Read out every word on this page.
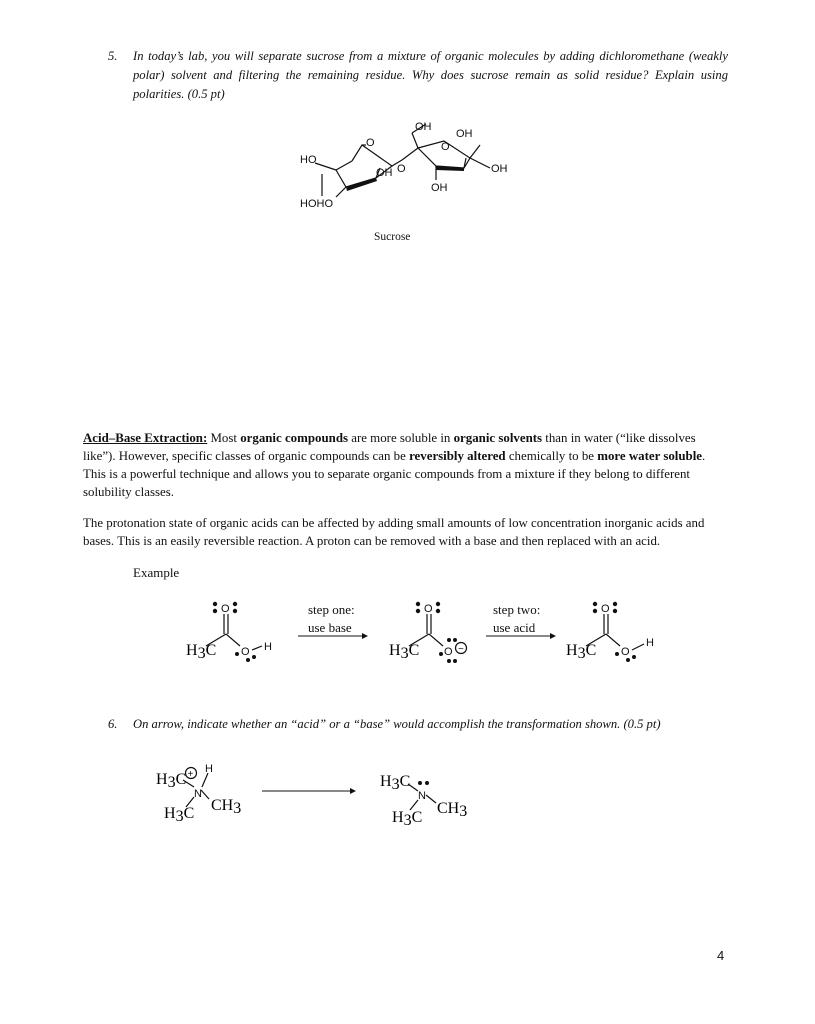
5. In today’s lab, you will separate sucrose from a mixture of organic molecules by adding dichloromethane (weakly polar) solvent and filtering the remaining residue. Why does sucrose remain as solid residue? Explain using polarities. (0.5 pt)
HO
O
OH O
OH
O
OH
OH
OH
HOHO
Sucrose
Acid–Base Extraction: Most organic compounds are more soluble in organic solvents than in water (“like dissolves like”). However, specific classes of organic compounds can be reversibly altered chemically to be more water soluble. This is a powerful technique and allows you to separate organic compounds from a mixture if they belong to different solubility classes.
The protonation state of organic acids can be affected by adding small amounts of low concentration inorganic acids and bases. This is an easily reversible reaction. A proton can be removed with a base and then replaced with an acid.
Example
O
O H
H3C
step one:
use base
O
O −
H3C
step two:
use acid
O
O
H
H3C
6. On arrow, indicate whether an “acid” or a “base” would accomplish the transformation shown. (0.5 pt)
N
H
+
H3C
H3C CH3
N
H3C
H3C
CH3
4
